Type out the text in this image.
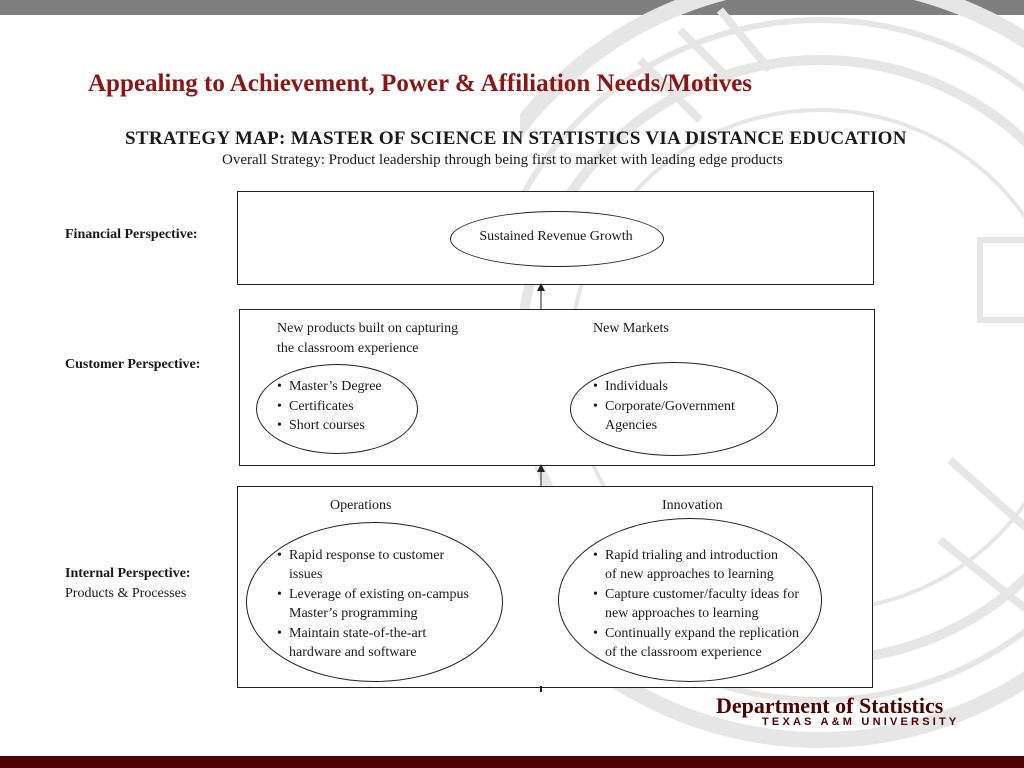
Appealing to Achievement, Power & Affiliation Needs/Motives
STRATEGY MAP: MASTER OF SCIENCE IN STATISTICS VIA DISTANCE EDUCATION
Overall Strategy: Product leadership through being first to market with leading edge products
Financial Perspective:	Sustained Revenue Growth
Customer Perspective:
New products built on capturing
the classroom experience
New Markets
• Master’s Degree
• Certificates
• Short courses
• Individuals
• Corporate/Government
Agencies
Internal Perspective:
Products & Processes
Operations	Innovation
• Rapid response to customer
issues
• Leverage of existing on-campus
Master’s programming
• Maintain state-of-the-art
hardware and software
• Rapid trialing and introduction
of new approaches to learning
• Capture customer/faculty ideas for
new approaches to learning
• Continually expand the replication
of the classroom experience
Department of Statistics
TEXAS A&M UNIVERSITY
